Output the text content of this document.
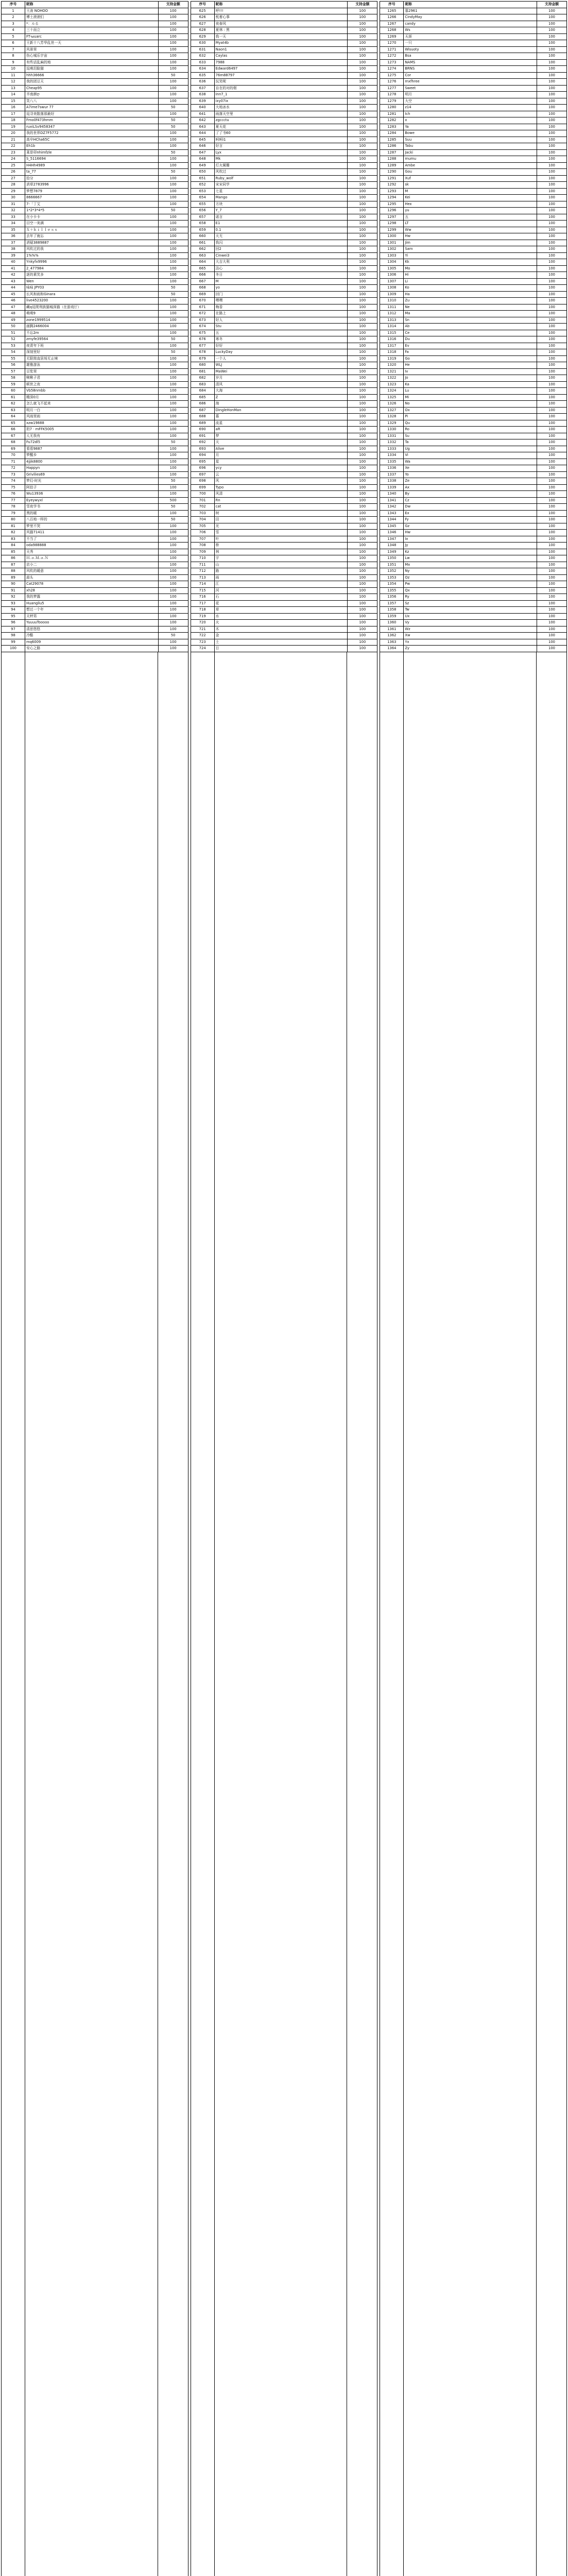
序号	昵称	支持金额
1	王涛 NOHOO	100
2	博士滚滚们	100
3	*：ルる	100
4	三十而立	100
5	FT-ыuarc	100
6	王新十八芳华乱世一天	100
7	风景里	100
8	伤心城乐宇宙	100
9	有些话乱麻的地	100
10	逗萌泪脸猫	100
11	hhh36666	50
12	我的团豆天	100
13	Cheap95	100
14	半南颜ღ	100
15	笑八八	100
16	A7ime7swur 77	50
17	逗寻美散落那最好	100
18	Fmo0f473hmm	50
19	ruxiLSv9458347	50
20	我的世界DZ7F5772	100
21	高卒HCha65C	100
22	Eh1b	100
23	莱是卯nhimfzle	50
24	S_5116694	100
25	H4Hh4989	100
26	ta_77	50
27	拾分	100
28	消草2783996	100
29	梦想7879	100
30	8666667	100
31	7-「丁艾	100
32	1*2*3*4*5	50
33	在小卡卡	100
34	目空一美满	100
35	Ｘ＋ｋｉｌｌｅｓｓ	100
36	去年了就忘	100
37	消疑3889887	100
38	风吹过的我	100
39	1%%%	100
40	Ynkyfx9996	100
41	2_477984	100
42	逐的素笑多	100
43	Wen	100
44	咏咏 JPY03	50
45	长风和雨和Ginara	50
46	live4523200	100
47	藏q逗爬利族猫城深猫（在游戏厅）	100
48	萌萌9	100
49	zone1999514	100
50	画腾2466004	100
51	不忘2m	100
52	zmyfe39564	50
53	夜青年下班	100
54	深刻里好	50
55	无限简直居场无止境	100
56	雄雅游泳	100
57	豆浆里	100
58	啾啾子君	100
59	顿世之夜	100
60	Vb58nmbb	100
61	精深0月	100
62	怎么就飞不起来	100
63	明月一白	100
64	风雨里雨	100
65	xzw19888	100
66	奶7 · mFFK5005	100
67	人无我有	100
68	Fu72dl5	50
69	看看9887	100
70	梦醒乡	100
71	4jjik8800	100
72	Happyn	100
73	Grivilies69	100
74	梦幻·时光	50
75	阿伯子	100
76	Wu13936	100
77	Eyeywyxl	500
78	雪夜学书	50
79	黑的暖	100
80	八百地一样的	50
81	梦里不哭	100
82	风猫71411	100
83	不当了	100
84	oda988888	100
85	天秀	100
86	Ｈ.ａ.Ｍ.ａ.Ｎ	100
87	店小二	100
88	风吹的暖意	100
89	蒜头	100
90	Cat29078	100
91	xh28	100
92	我的梦露	100
93	Huangliu5	100
94	想过一个年	100
95	天秤男	100
96	YuuuuTooooo	100
97	清思悠悠	100
98	冷酷	50
99	mq6009	100
100	安心之路	100
序号	昵称	支持金额
625	呼!!!	100
626	枕着心事	100
627	夜春风	100
628	夏林 : 黑	100
629	我一天	100
630	Myat4b	100
631	Naon1	100
632	Caylas	100
633	7988	100
634	Edward6497	100
635	76m88797	100
636	玩笑呢	100
637	自在的对的烟	100
638	Inn7_1	100
639	ixy07ix	100
640	大地冰水	100
641	雨落天空里	100
642	zgccctu	100
643	夏天花	100
644	了了书60	100
645	呵呵i1	100
646	好言	100
647	Lyx	100
648	Mk	100
649	灯火阑珊	100
650	风吹过	100
651	Ruby_wolf	100
652	宋宋同学	100
653	七星	100
654	Mango	100
655	方块	100
656	Y_7	100
657	诺言	100
658	E1	100
659	0.1	100
660	天无	100
661	我闪	100
662	回2	100
663	Cinwei3	100
664	大吉大利	100
665	洁心	100
666	冬日	100
667	M	100
668	yo	100
669	回门	100
670	嘿嘿	100
671	梅香	100
672	在路上	100
673	好人	100
674	Stu	100
675	五	100
676	寒冬	100
677	好好	100
678	LuckyDay	100
679	一个人	100
680	WLJ	100
681	MaWei	100
682	岁月	100
683	清风	100
684	大海	100
685	Z	100
686	海	100
687	DingleHonMan	100
688	慕	100
689	流星	100
690	aR	100
691	梦	100
692	天	100
693	Alive	100
694	月	100
695	星	100
696	ycy	100
697	云	100
698	风	100
699	Typo	100
700	风清	100
701	Rn	100
702	cat	100
703	树	100
704	田	100
705	光	100
706	雪	100
707	叶	100
708	桥	100
709	林	100
710	宇	100
711	山	100
712	路	100
713	雨	100
714	江	100
715	河	100
716	石	100
717	花	100
718	草	100
719	水	100
720	火	100
721	木	100
722	金	100
723	土	100
724	日	100
序号	昵称	支持金额
1265	慕2961	100
1266	CindyMay	100
1267	candy	100
1268	Ws	100
1269	天涯	100
1270	一只	100
1271	Wisuoty	100
1272	Bsa	100
1273	NAMS	100
1274	BRNS	100
1275	Cor	100
1276	mxfhree	100
1277	Sweet	100
1278	明月	100
1279	大空	100
1280	z14	100
1281	Ich	100
1282	x	100
1283	Ya	100
1284	Bowe	100
1285	Suu	100
1286	Tabu	100
1287	Jacki	100
1288	mumu	100
1289	Ambe	100
1290	Gou	100
1291	Xuf	100
1292	sk	100
1293	M	100
1294	Kei	100
1295	Hex	100
1296	yu	100
1297	五	100
1298	LT	100
1299	Ww	100
1300	Hw	100
1301	Jim	100
1302	Sam	100
1303	Yi	100
1304	Kk	100
1305	Mo	100
1306	Hi	100
1307	Li	100
1308	Ko	100
1309	Ha	100
1310	Zu	100
1311	Ne	100
1312	Ma	100
1313	Sn	100
1314	Ab	100
1315	Ce	100
1316	Du	100
1317	Ev	100
1318	Fa	100
1319	Go	100
1320	He	100
1321	Iv	100
1322	Jo	100
1323	Ka	100
1324	Lu	100
1325	Mi	100
1326	No	100
1327	Ox	100
1328	Pi	100
1329	Qu	100
1330	Ro	100
1331	Su	100
1332	Ta	100
1333	Ug	100
1334	Vi	100
1335	Wa	100
1336	Xe	100
1337	Yo	100
1338	Ze	100
1339	Ax	100
1340	By	100
1341	Cz	100
1342	Dw	100
1343	Ex	100
1344	Fy	100
1345	Gz	100
1346	Hw	100
1347	Ix	100
1348	Jy	100
1349	Kz	100
1350	Lw	100
1351	Mx	100
1352	Ny	100
1353	Oz	100
1354	Pw	100
1355	Qx	100
1356	Ry	100
1357	Sz	100
1358	Tw	100
1359	Ux	100
1360	Vy	100
1361	Wz	100
1362	Xw	100
1363	Yx	100
1364	Zy	100
